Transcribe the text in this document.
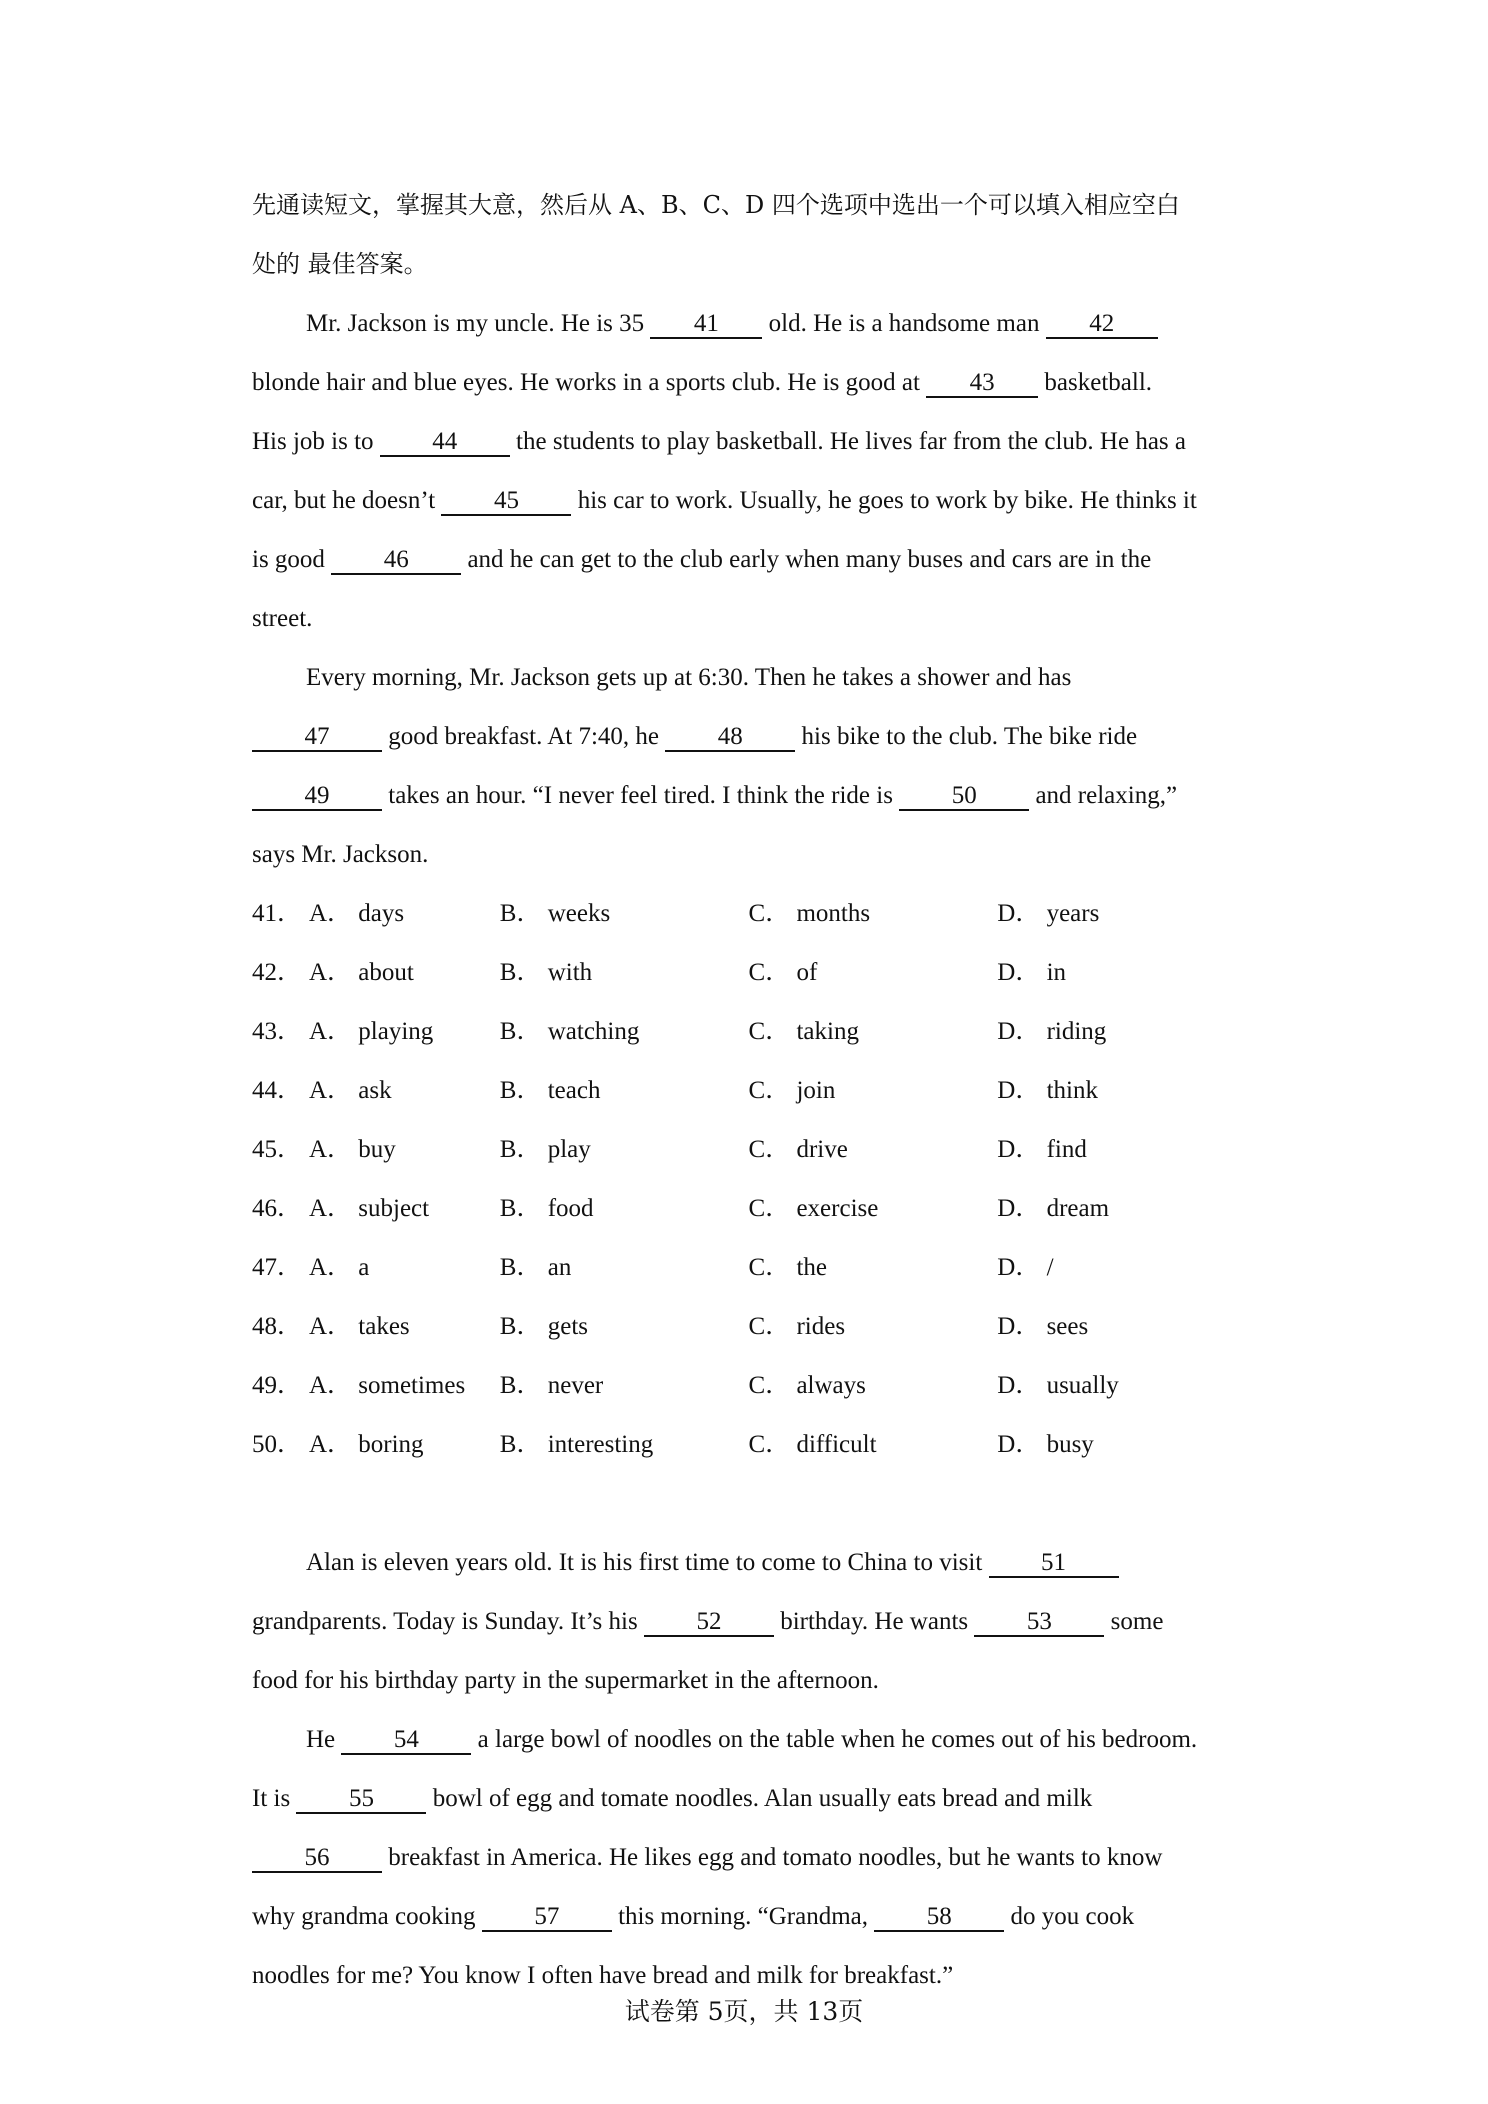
先通读短文，掌握其大意，然后从 A、B、C、D 四个选项中选出一个可以填入相应空白
处的 最佳答案。
Mr. Jackson is my uncle. He is 35 41 old. He is a handsome man 42
blonde hair and blue eyes. He works in a sports club. He is good at 43 basketball.
His job is to 44 the students to play basketball. He lives far from the club. He has a
car, but he doesn’t 45 his car to work. Usually, he goes to work by bike. He thinks it
is good 46 and he can get to the club early when many buses and cars are in the
street.
Every morning, Mr. Jackson gets up at 6:30. Then he takes a shower and has
47 good breakfast. At 7:40, he 48 his bike to the club. The bike ride
49 takes an hour. “I never feel tired. I think the ride is 50 and relaxing,”
says Mr. Jackson.
41． A． days	B． weeks	C． months	D． years
42． A． about	B． with	C． of	D． in
43． A． playing	B． watching	C． taking	D． riding
44． A． ask	B． teach	C． join	D． think
45． A． buy	B． play	C． drive	D． find
46． A． subject	B． food	C． exercise	D． dream
47． A． a	B． an	C． the	D． /
48． A． takes	B． gets	C． rides	D． sees
49． A． sometimes	B． never	C． always	D． usually
50． A． boring	B． interesting	C． difficult	D． busy
Alan is eleven years old. It is his first time to come to China to visit 51
grandparents. Today is Sunday. It’s his 52 birthday. He wants 53 some
food for his birthday party in the supermarket in the afternoon.
He 54 a large bowl of noodles on the table when he comes out of his bedroom.
It is 55 bowl of egg and tomate noodles. Alan usually eats bread and milk
56 breakfast in America. He likes egg and tomato noodles, but he wants to know
why grandma cooking 57 this morning. “Grandma, 58 do you cook
noodles for me? You know I often have bread and milk for breakfast.”
试卷第 5页，共 13页
